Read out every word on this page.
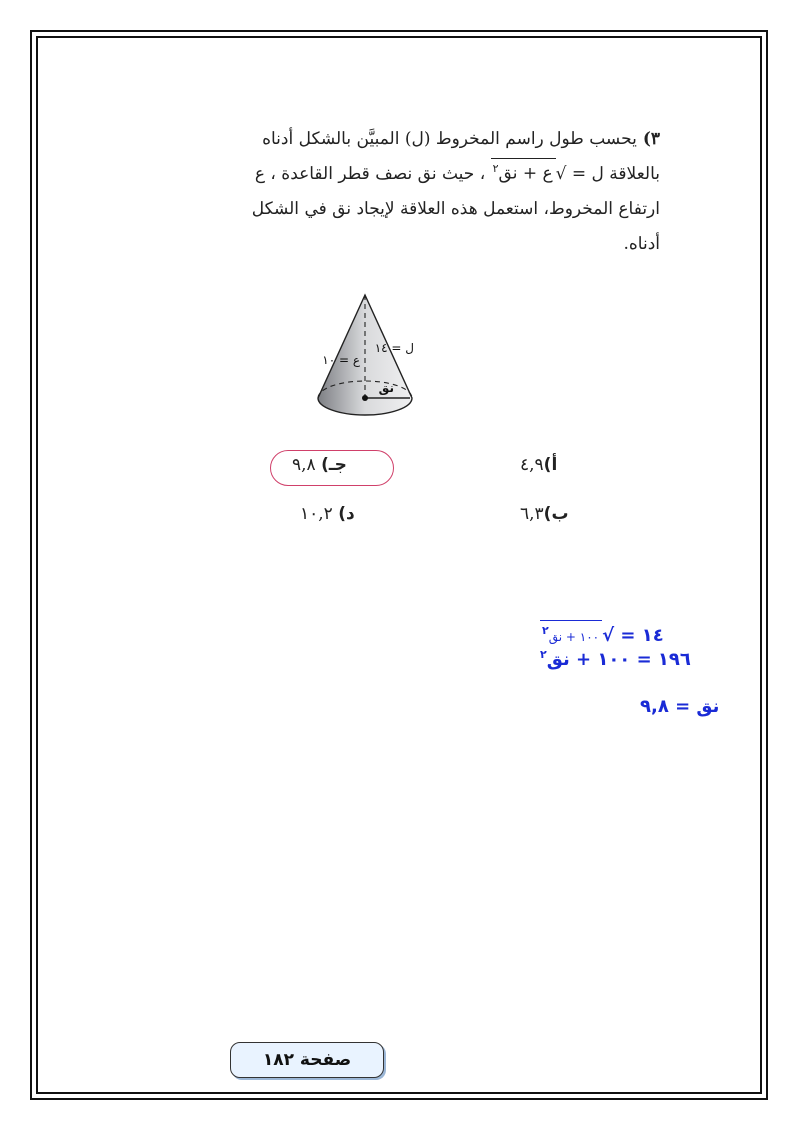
٣)يحسب طول راسم المخروط (ل) المبيَّن بالشكل أدناه
بالعلاقة ل = √ع + نق$^٢$ ، حيث نق نصف قطر القاعدة ، ع
ارتفاع المخروط، استعمل هذه العلاقة لإيجاد نق في الشكل
أدناه.
ل = ١٤
ع = ١٠
نق
جـ) ٩,٨	أ)٤,٩
د) ١٠,٢	ب)٦,٣
١٤ = √١٠٠ + نق$^٢$
١٩٦ = ١٠٠ + نق$^٢$
نق = ٩,٨
صفحة ١٨٢
